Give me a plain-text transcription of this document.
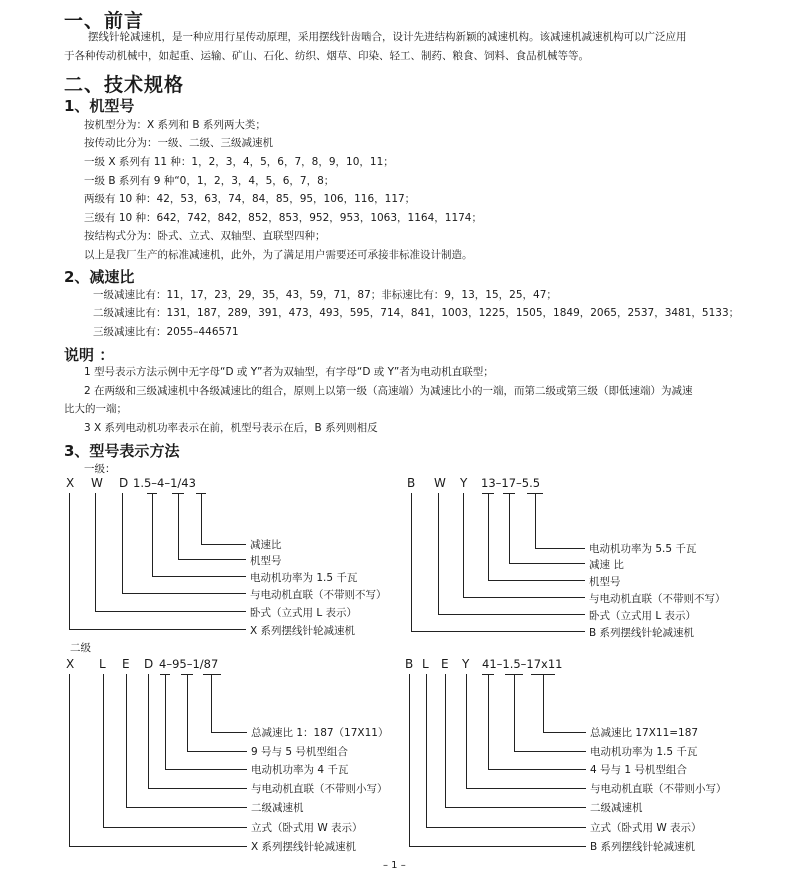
一、前言
摆线针轮减速机，是一种应用行星传动原理，采用摆线针齿啮合，设计先进结构新颖的减速机构。该减速机减速机构可以广泛应用
于各种传动机械中，如起重、运输、矿山、石化、纺织、烟草、印染、轻工、制药、粮食、饲料、食品机械等等。
二、技术规格
1、机型号
按机型分为：X 系列和 B 系列两大类；
按传动比分为：一级、二级、三级减速机
一级 X 系列有 11 种：1，2，3，4，5，6，7，8，9，10，11；
一级 B 系列有 9 种“0，1，2，3，4，5，6，7，8；
两级有 10 种：42，53，63，74，84，85，95，106，116，117；
三级有 10 种：642，742，842，852，853，952，953，1063，1164，1174；
按结构式分为：卧式、立式、双轴型、直联型四种；
以上是我厂生产的标准减速机，此外，为了满足用户需要还可承接非标准设计制造。
2、减速比
一级减速比有：11，17，23，29，35，43，59，71，87；非标速比有：9，13，15，25，47；
二级减速比有：131，187，289，391，473，493，595，714，841，1003，1225，1505，1849，2065，2537，3481，5133；
三级减速比有：2055–446571
说明 ：
1 型号表示方法示例中无字母“D 或 Y”者为双轴型，有字母“D 或 Y”者为电动机直联型；
2 在两级和三级减速机中各级减速比的组合，原则上以第一级（高速端）为减速比小的一端，而第二级或第三级（即低速端）为减速
比大的一端；
3 X 系列电动机功率表示在前，机型号表示在后，B 系列则相反
3、型号表示方法
一级：
X W D 1.5–4–1/43
减速比
机型号
电动机功率为 1.5 千瓦
与电动机直联（不带则不写）
卧式（立式用 L 表示）
X 系列摆线针轮减速机
B W Y 13–17–5.5
电动机功率为 5.5 千瓦
减速 比
机型号
与电动机直联（不带则不写）
卧式（立式用 L 表示）
B 系列摆线针轮减速机
二级
X L E D 4–95–1/87
总减速比 1：187（17X11）
9 号与 5 号机型组合
电动机功率为 4 千瓦
与电动机直联（不带则小写）
二级减速机
立式（卧式用 W 表示）
X 系列摆线针轮减速机
B L E Y 41–1.5–17x11
总减速比 17X11=187
电动机功率为 1.5 千瓦
4 号与 1 号机型组合
与电动机直联（不带则小写）
二级减速机
立式（卧式用 W 表示）
B 系列摆线针轮减速机
– 1 –
